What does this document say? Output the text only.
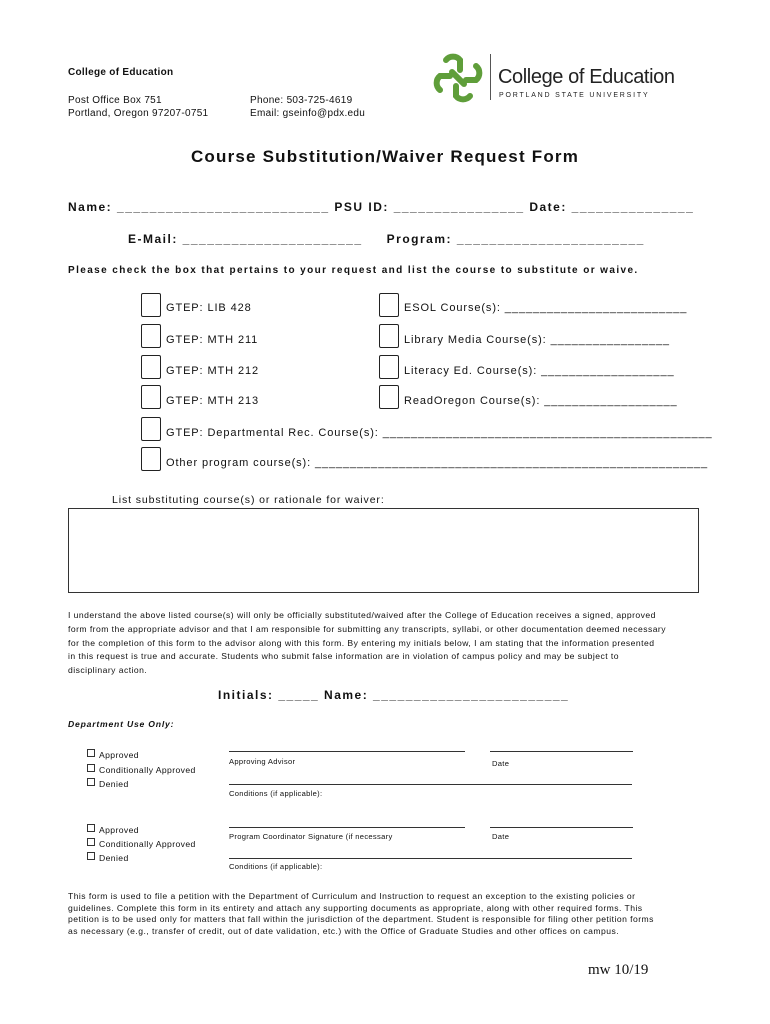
College of Education
Post Office Box 751
Portland, Oregon 97207-0751
Phone: 503-725-4619
Email: gseinfo@pdx.edu
College of Education
PORTLAND STATE UNIVERSITY
Course Substitution/Waiver Request Form
Name: __________________________ PSU ID: ________________ Date: _______________
E-Mail: ______________________     Program: _______________________
Please check the box that pertains to your request and list the course to substitute or waive.
GTEP: LIB 428
GTEP: MTH 211
GTEP: MTH 212
GTEP: MTH 213
ESOL Course(s): __________________________
Library Media Course(s): _________________
Literacy Ed. Course(s): ___________________
ReadOregon Course(s): ___________________
GTEP: Departmental Rec. Course(s): _______________________________________________
Other program course(s): ________________________________________________________
List substituting course(s) or rationale for waiver:
I understand the above listed course(s) will only be officially substituted/waived after the College of Education receives a signed, approved
form from the appropriate advisor and that I am responsible for submitting any transcripts, syllabi, or other documentation deemed necessary
for the completion of this form to the advisor along with this form. By entering my initials below, I am stating that the information presented
in this request is true and accurate. Students who submit false information are in violation of campus policy and may be subject to
disciplinary action.
Initials: _____ Name: ________________________
Department Use Only:
Approved
Conditionally Approved
Denied
Approving Advisor	Date
Conditions (if applicable):
Approved
Conditionally Approved
Denied
Program Coordinator Signature (if necessary	Date
Conditions (if applicable):
This form is used to file a petition with the Department of Curriculum and Instruction to request an exception to the existing policies or
guidelines. Complete this form in its entirety and attach any supporting documents as appropriate, along with other required forms. This
petition is to be used only for matters that fall within the jurisdiction of the department. Student is responsible for filing other petition forms
as necessary (e.g., transfer of credit, out of date validation, etc.) with the Office of Graduate Studies and other offices on campus.
mw 10/19
